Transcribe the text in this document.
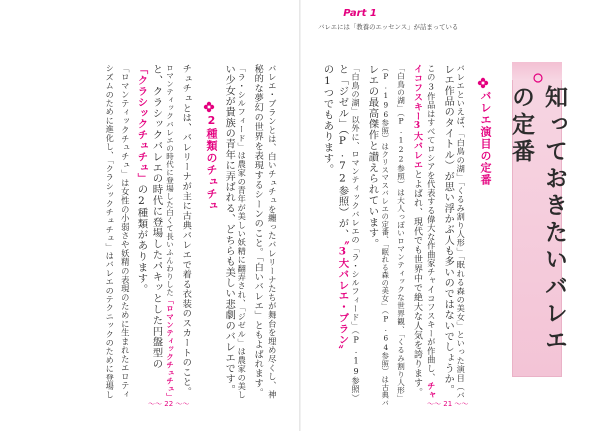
Part 1
バレエには「教養のエッセンス」が詰まっている
知っておきたいバレエの定番
バレエ演目の定番
バレエといえば、「白鳥の湖」「くるみ割り人形」「眠れる森の美女」といった演目（バ
レエ作品のタイトル）が思い浮かぶ人も多いのではないでしょうか。
この3作品はすべてロシアを代表する偉大な作曲家チャイコフスキーが作曲し、チャ
イコフスキー3大バレエとよばれ、現代でも世界中で絶大な人気を誇ります。
「白鳥の湖」（P.122参照）は大人っぽいロマンティックな世界観、「くるみ割り人形」
（P.196参照）はクリスマスバレエの定番、「眠れる森の美女」（P.64参照）は古典バ
レエの最高傑作と讃えられています。
「白鳥の湖」以外に、ロマンティックバレエの「ラ・シルフィード」（P.19参照）
と「ジゼル」（P.72参照）が、〝3大バレエ・ブラン〟
の1つでもあります。
〜〜 21 〜〜
バレエ・ブランとは、白いチュチュを纏ったバレリーナたちが舞台を埋め尽くし、神
秘的な夢幻の世界を表現するシーンのこと。「白いバレエ」ともよばれます。
「ラ・シルフィード」は農家の青年が美しい妖精に翻弄され、「ジゼル」は農家の美し
い少女が貴族の青年に弄ばれる、どちらも美しい悲劇のバレエです。
2種類のチュチュ
チュチュとは、バレリーナが主に古典バレエで着る衣装のスカートのこと。
ロマンティックバレエの時代に登場した白くて長いふんわりした「ロマンティックチュチュ」
と、クラシックバレエの時代に登場したパキッとした円盤型の
「クラシックチュチュ」の2種類があります。
「ロマンティックチュチュ」は女性の小弱さや妖精の表現のために生まれたエロティ
シズムのために進化し、「クラシックチュチュ」はバレエのテクニックのために登場し
〜〜 22 〜〜
